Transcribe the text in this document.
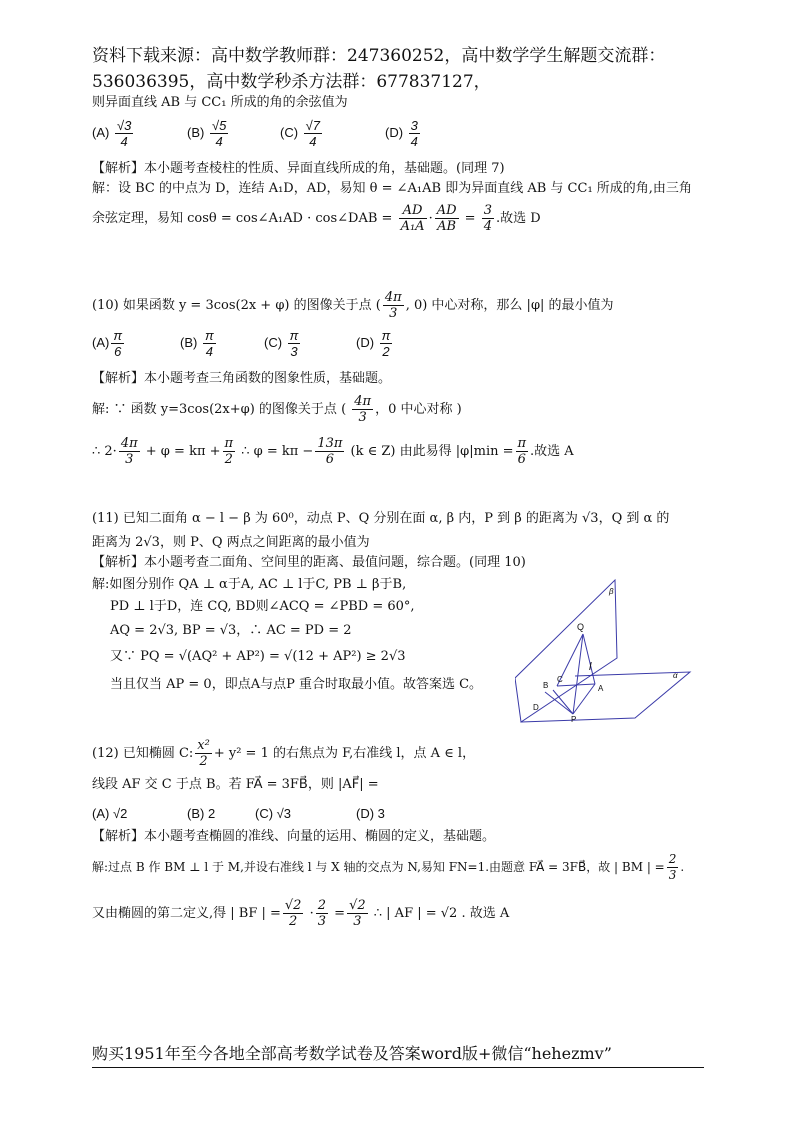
资料下载来源：高中数学教师群：247360252，高中数学学生解题交流群：
536036395，高中数学秒杀方法群：677837127，
则异面直线 AB 与 CC₁ 所成的角的余弦值为
$(A) \frac{√3}{4}$	$(B) \frac{√5}{4}$	$(C) \frac{√7}{4}$	$(D) \frac{3}{4}$
【解析】本小题考查棱柱的性质、异面直线所成的角，基础题。(同理 7)
解：设 BC 的中点为 D，连结 A₁D，AD，易知 θ = ∠A₁AB 即为异面直线 AB 与 CC₁ 所成的角,由三角
余弦定理，易知 cosθ = cos∠A₁AD · cos∠DAB = $\frac{AD}{\text{A₁A}} \cdot \frac{AD}{AB} = \frac{3}{4}$ .故选 D
(10) 如果函数 y = 3cos(2x + φ) 的图像关于点 ( $\frac{4\pi}{3}$ , 0) 中心对称，那么 |φ| 的最小值为
$(A) \frac{\pi}{6}$	$(B) \frac{\pi}{4}$	$(C) \frac{\pi}{3}$	$(D) \frac{\pi}{2}$
【解析】本小题考查三角函数的图象性质，基础题。
解: ∵ 函数 y=3cos(2x+φ) 的图像关于点 ( $\frac{4\pi}{3}$ ，0 中心对称 )
∴ $2\cdot \frac{4\pi}{3} + \varphi = k\pi + \frac{\pi}{2}$ ∴ $\varphi = k\pi - \frac{13\pi}{6} (k$ ∈ Z) 由此易得 $|\varphi|\min = \frac{\pi}{6}$ .故选 A
(11) 已知二面角 α − l − β 为 60⁰，动点 P、Q 分别在面 α, β 内，P 到 β 的距离为 √3，Q 到 α 的
距离为 2√3，则 P、Q 两点之间距离的最小值为
【解析】本小题考查二面角、空间里的距离、最值问题，综合题。(同理 10)
解:如图分别作 QA ⊥ α于A, AC ⊥ l于C, PB ⊥ β于B,
PD ⊥ l于D，连 CQ, BD则∠ACQ = ∠PBD = 60°,
AQ = 2√3, BP = √3，∴ AC = PD = 2
又∵ PQ = √(AQ² + AP²) = √(12 + AP²) ≥ 2√3
当且仅当 AP = 0，即点A与点P 重合时取最小值。故答案选 C。
Q
l
B
C
A
D
P
α
β
(12) 已知椭圆 C: $\frac{\text{x²}}{2} + y^2 = 1$ 的右焦点为 F,右准线 l，点 A ∈ l，
线段 AF 交 C 于点 B。若 FA⃗ = 3FB⃗，则 |AF⃗| =
(A) √2	(B) 2	(C) √3	(D) 3
【解析】本小题考查椭圆的准线、向量的运用、椭圆的定义，基础题。
解:过点 B 作 BM ⊥ l 于 M,并设右准线 l 与 X 轴的交点为 N,易知 FN=1.由题意 FA⃗ = 3FB⃗，故 | BM | = $\frac{2}{3}$ .
又由椭圆的第二定义,得 | BF | = $\frac{√2}{2} \cdot \frac{2}{3} = \frac{√2}{3}$ ∴ | AF | = √2 . 故选 A
购买1951年至今各地全部高考数学试卷及答案word版+微信“hehezmv”
